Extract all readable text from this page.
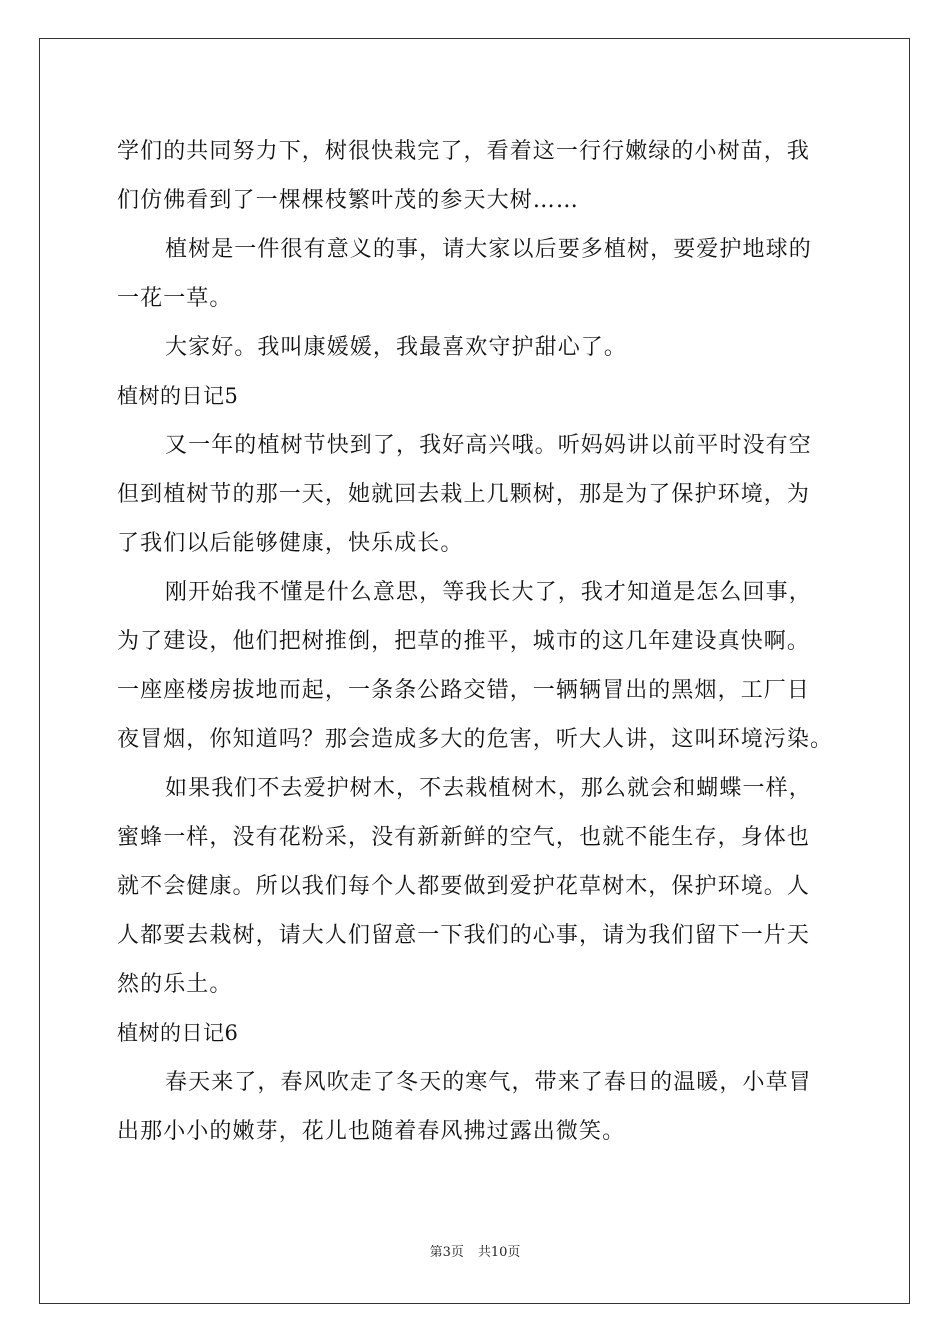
学们的共同努力下，树很快栽完了，看着这一行行嫩绿的小树苗，我
们仿佛看到了一棵棵枝繁叶茂的参天大树……
植树是一件很有意义的事，请大家以后要多植树，要爱护地球的
一花一草。
大家好。我叫康媛媛，我最喜欢守护甜心了。
植树的日记5
又一年的植树节快到了，我好高兴哦。听妈妈讲以前平时没有空
但到植树节的那一天，她就回去栽上几颗树，那是为了保护环境，为
了我们以后能够健康，快乐成长。
刚开始我不懂是什么意思，等我长大了，我才知道是怎么回事，
为了建设，他们把树推倒，把草的推平，城市的这几年建设真快啊。
一座座楼房拔地而起，一条条公路交错，一辆辆冒出的黑烟，工厂日
夜冒烟，你知道吗？那会造成多大的危害，听大人讲，这叫环境污染。
如果我们不去爱护树木，不去栽植树木，那么就会和蝴蝶一样，
蜜蜂一样，没有花粉采，没有新新鲜的空气，也就不能生存，身体也
就不会健康。所以我们每个人都要做到爱护花草树木，保护环境。人
人都要去栽树，请大人们留意一下我们的心事，请为我们留下一片天
然的乐土。
植树的日记6
春天来了，春风吹走了冬天的寒气，带来了春日的温暖，小草冒
出那小小的嫩芽，花儿也随着春风拂过露出微笑。
第3页 共10页
